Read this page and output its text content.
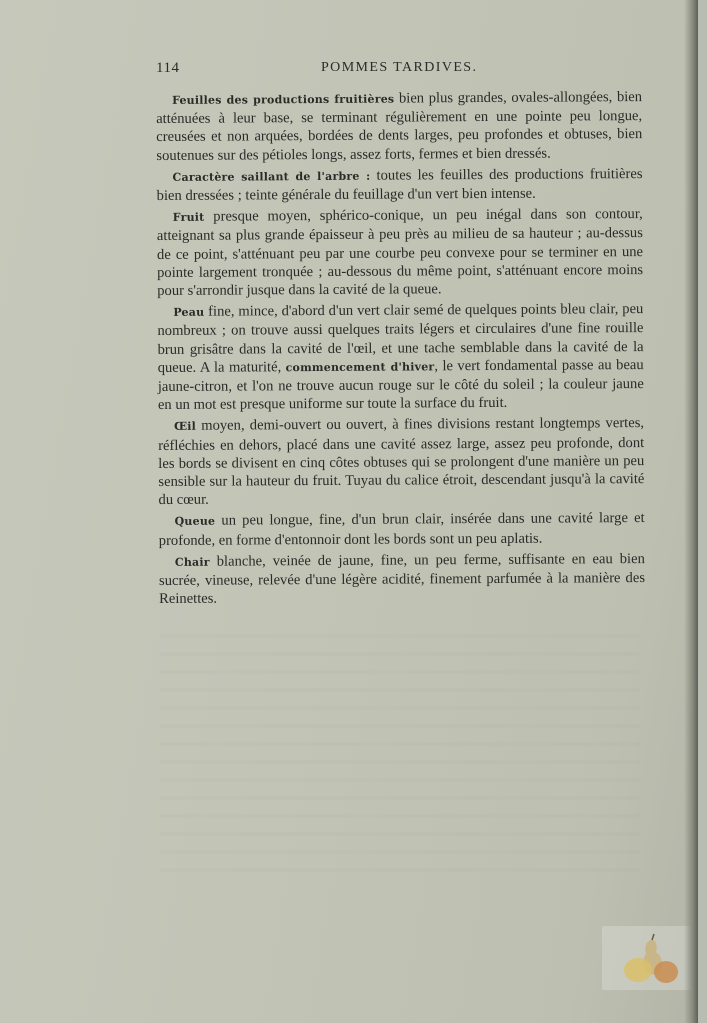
114	POMMES TARDIVES.

Feuilles des productions fruitières bien plus grandes, ovales-allongées, bien atténuées à leur base, se terminant régulièrement en une pointe peu longue, creusées et non arquées, bordées de dents larges, peu profondes et obtuses, bien soutenues sur des pétioles longs, assez forts, fermes et bien dressés.

Caractère saillant de l'arbre : toutes les feuilles des productions fruitières bien dressées ; teinte générale du feuillage d'un vert bien intense.

Fruit presque moyen, sphérico-conique, un peu inégal dans son contour, atteignant sa plus grande épaisseur à peu près au milieu de sa hauteur ; au-dessus de ce point, s'atténuant peu par une courbe peu convexe pour se terminer en une pointe largement tronquée ; au-dessous du même point, s'atténuant encore moins pour s'arrondir jusque dans la cavité de la queue.

Peau fine, mince, d'abord d'un vert clair semé de quelques points bleu clair, peu nombreux ; on trouve aussi quelques traits légers et circulaires d'une fine rouille brun grisâtre dans la cavité de l'œil, et une tache semblable dans la cavité de la queue. A la maturité, commencement d'hiver, le vert fondamental passe au beau jaune-citron, et l'on ne trouve aucun rouge sur le côté du soleil ; la couleur jaune en un mot est presque uniforme sur toute la surface du fruit.

Œil moyen, demi-ouvert ou ouvert, à fines divisions restant longtemps vertes, réfléchies en dehors, placé dans une cavité assez large, assez peu profonde, dont les bords se divisent en cinq côtes obtuses qui se prolongent d'une manière un peu sensible sur la hauteur du fruit. Tuyau du calice étroit, descendant jusqu'à la cavité du cœur.

Queue un peu longue, fine, d'un brun clair, insérée dans une cavité large et profonde, en forme d'entonnoir dont les bords sont un peu aplatis.

Chair blanche, veinée de jaune, fine, un peu ferme, suffisante en eau bien sucrée, vineuse, relevée d'une légère acidité, finement parfumée à la manière des Reinettes.
